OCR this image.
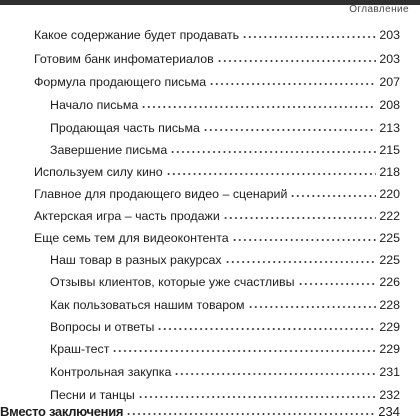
Оглавление
Какое содержание будет продавать	203
Готовим банк инфоматериалов	203
Формула продающего письма	207
Начало письма	208
Продающая часть письма	213
Завершение письма	215
Используем силу кино	218
Главное для продающего видео – сценарий	220
Актерская игра – часть продажи	222
Еще семь тем для видеоконтента	225
Наш товар в разных ракурсах	225
Отзывы клиентов, которые уже счастливы	226
Как пользоваться нашим товаром	228
Вопросы и ответы	229
Краш-тест	229
Контрольная закупка	231
Песни и танцы	232
Вместо заключения	234
